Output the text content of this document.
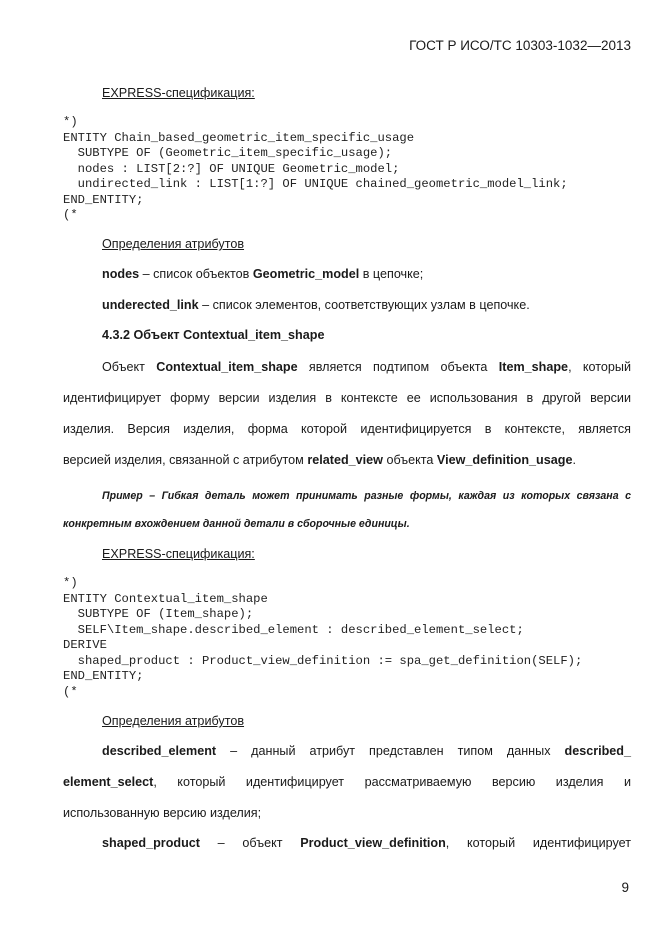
ГОСТ Р ИСО/ТС 10303-1032—2013
EXPRESS-спецификация:
*)
ENTITY Chain_based_geometric_item_specific_usage
SUBTYPE OF (Geometric_item_specific_usage);
nodes : LIST[2:?] OF UNIQUE Geometric_model;
undirected_link : LIST[1:?] OF UNIQUE chained_geometric_model_link;
END_ENTITY;
(*
Определения атрибутов
nodes – список объектов Geometric_model в цепочке;
underected_link – список элементов, соответствующих узлам в цепочке.
4.3.2 Объект Contextual_item_shape
Объект Contextual_item_shape является подтипом объекта Item_shape, который
идентифицирует форму версии изделия в контексте ее использования в другой версии
изделия. Версия изделия, форма которой идентифицируется в контексте, является
версией изделия, связанной с атрибутом related_view объекта View_definition_usage.
Пример – Гибкая деталь может принимать разные формы, каждая из которых связана с
конкретным вхождением данной детали в сборочные единицы.
EXPRESS-спецификация:
*)
ENTITY Contextual_item_shape
SUBTYPE OF (Item_shape);
SELF\Item_shape.described_element : described_element_select;
DERIVE
shaped_product : Product_view_definition := spa_get_definition(SELF);
END_ENTITY;
(*
Определения атрибутов
described_element – данный атрибут представлен типом данных described_
element_select, который идентифицирует рассматриваемую версию изделия и
использованную версию изделия;
shaped_product – объект Product_view_definition, который идентифицирует
9
